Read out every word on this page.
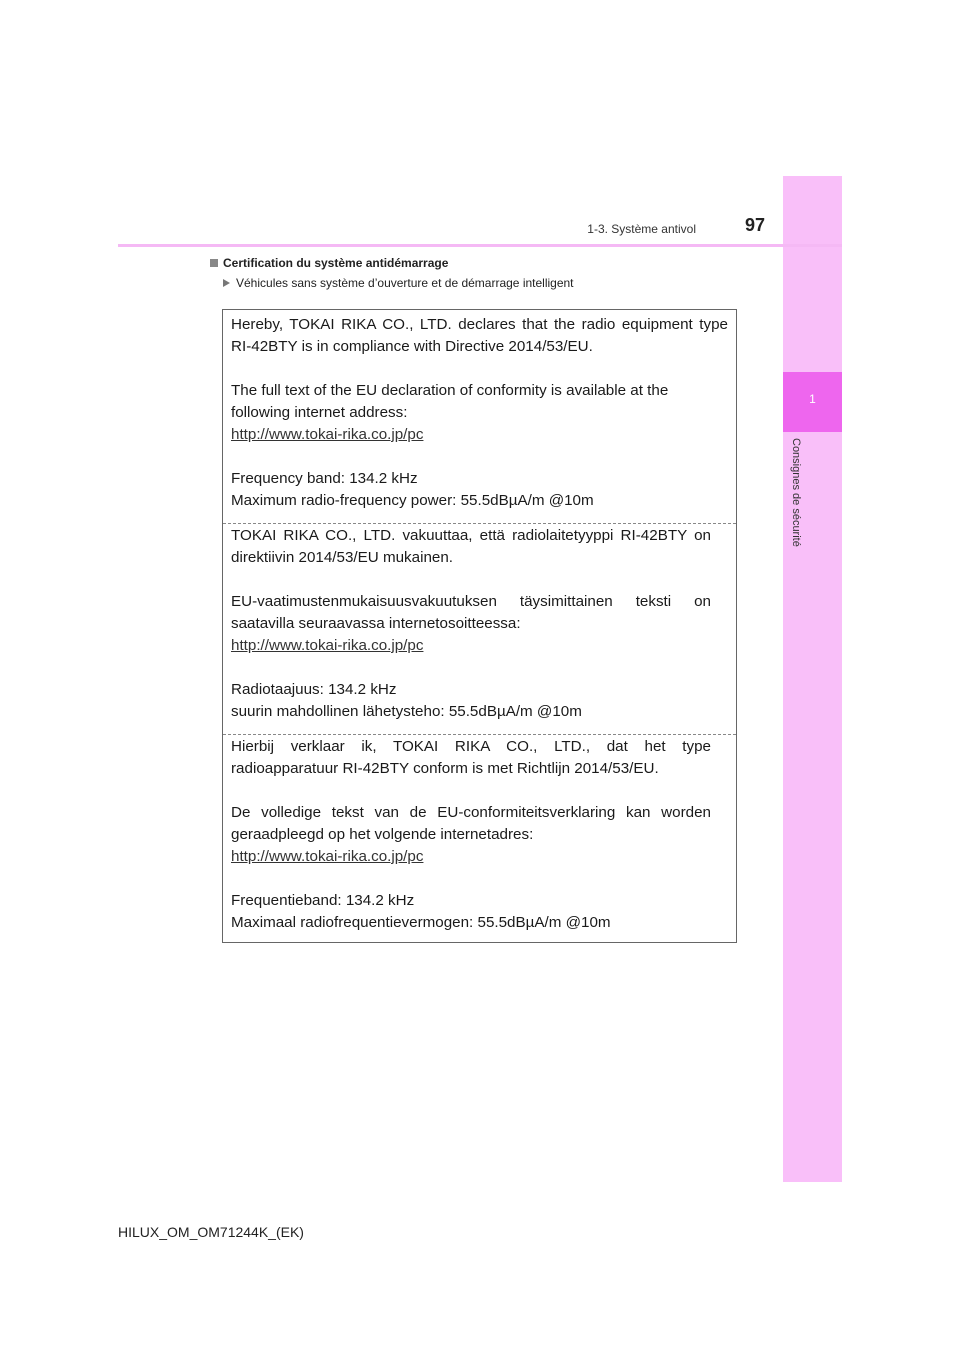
1
Consignes de sécurité
1-3. Système antivol	97
Certification du système antidémarrage
Véhicules sans système d’ouverture et de démarrage intelligent

Hereby, TOKAI RIKA CO., LTD. declares that the radio equipment type

RI-42BTY is in compliance with Directive 2014/53/EU.

The full text of the EU declaration of conformity is available at the

following internet address:

http://www.tokai-rika.co.jp/pc

Frequency band: 134.2 kHz

Maximum radio-frequency power: 55.5dBµA/m @10m

TOKAI RIKA CO., LTD. vakuuttaa, että radiolaitetyyppi RI-42BTY on

direktiivin 2014/53/EU mukainen.

EU-vaatimustenmukaisuusvakuutuksen täysimittainen teksti on

saatavilla seuraavassa internetosoitteessa:

http://www.tokai-rika.co.jp/pc

Radiotaajuus: 134.2 kHz

suurin mahdollinen lähetysteho: 55.5dBµA/m @10m

Hierbij verklaar ik, TOKAI RIKA CO., LTD., dat het type

radioapparatuur RI-42BTY conform is met Richtlijn 2014/53/EU.

De volledige tekst van de EU-conformiteitsverklaring kan worden

geraadpleegd op het volgende internetadres:

http://www.tokai-rika.co.jp/pc

Frequentieband: 134.2 kHz

Maximaal radiofrequentievermogen: 55.5dBµA/m @10m

HILUX_OM_OM71244K_(EK)
